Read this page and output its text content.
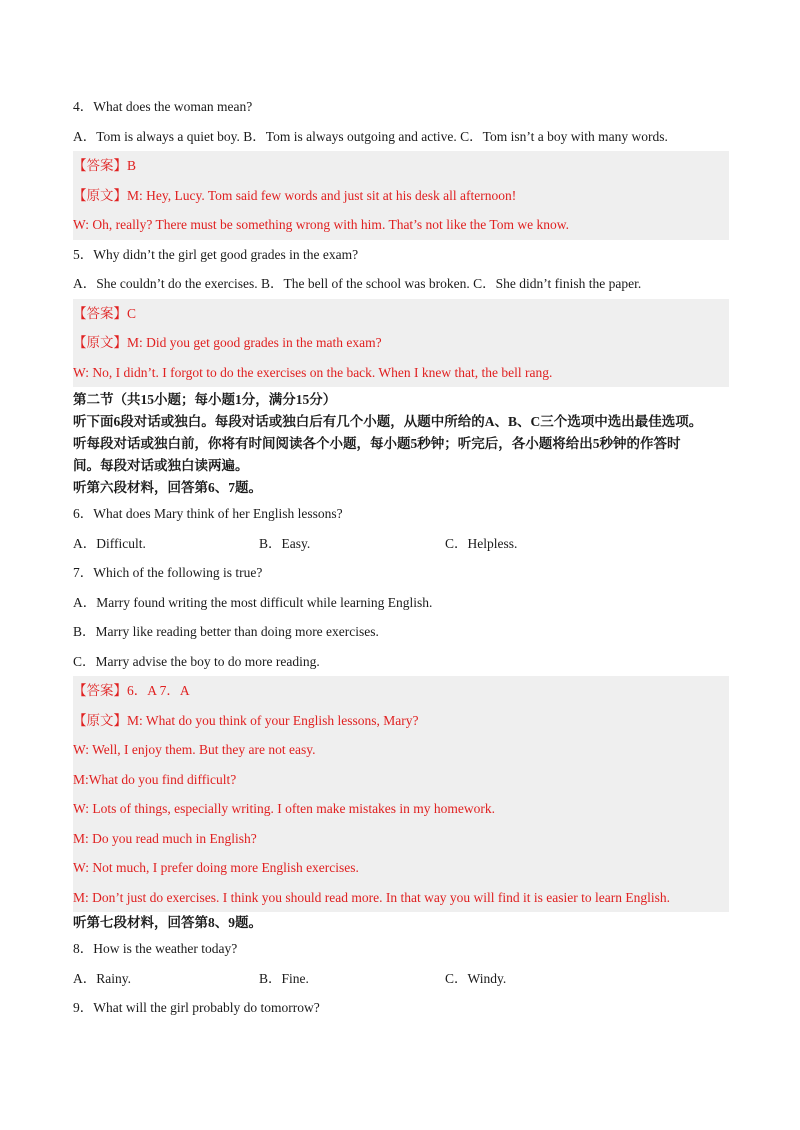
4．What does the woman mean?
A．Tom is always a quiet boy. B．Tom is always outgoing and active. C．Tom isn’t a boy with many words.
【答案】B
【原文】M: Hey, Lucy. Tom said few words and just sit at his desk all afternoon!
W: Oh, really? There must be something wrong with him. That’s not like the Tom we know.
5．Why didn’t the girl get good grades in the exam?
A．She couldn’t do the exercises. B．The bell of the school was broken. C．She didn’t finish the paper.
【答案】C
【原文】M: Did you get good grades in the math exam?
W: No, I didn’t. I forgot to do the exercises on the back. When I knew that, the bell rang.
第二节（共15小题；每小题1分，满分15分）
听下面6段对话或独白。每段对话或独白后有几个小题，从题中所给的A、B、C三个选项中选出最佳选项。
听每段对话或独白前，你将有时间阅读各个小题，每小题5秒钟；听完后，各小题将给出5秒钟的作答时
间。每段对话或独白读两遍。
听第六段材料，回答第6、7题。
6．What does Mary think of her English lessons?
A．Difficult.	B．Easy.	C．Helpless.
7．Which of the following is true?
A．Marry found writing the most difficult while learning English.
B．Marry like reading better than doing more exercises.
C．Marry advise the boy to do more reading.
【答案】6．A 7．A
【原文】M: What do you think of your English lessons, Mary?
W: Well, I enjoy them. But they are not easy.
M:What do you find difficult?
W: Lots of things, especially writing. I often make mistakes in my homework.
M: Do you read much in English?
W: Not much, I prefer doing more English exercises.
M: Don’t just do exercises. I think you should read more. In that way you will find it is easier to learn English.
听第七段材料，回答第8、9题。
8．How is the weather today?
A．Rainy.	B．Fine.	C．Windy.
9．What will the girl probably do tomorrow?
